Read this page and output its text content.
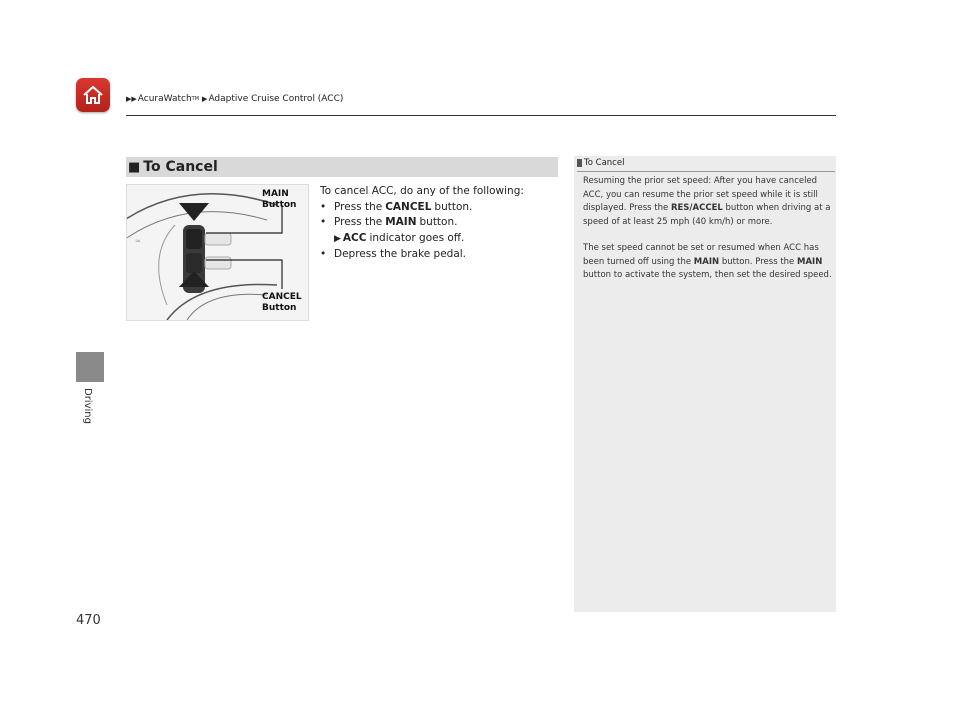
▶▶ AcuraWatch TM ▶ Adaptive Cruise Control (ACC)
Driving
470
■ To Cancel
≈
MAIN
Button
CANCEL
Button
To cancel ACC, do any of the following:
• Press the CANCEL button.
• Press the MAIN button.
▶ ACC indicator goes off.
• Depress the brake pedal.
To Cancel

Resuming the prior set speed: After you have canceled ACC, you can resume the prior set speed while it is still displayed. Press the RES/ACCEL button when driving at a speed of at least 25 mph (40 km/h) or more.

The set speed cannot be set or resumed when ACC has been turned off using the MAIN button. Press the MAIN button to activate the system, then set the desired speed.
